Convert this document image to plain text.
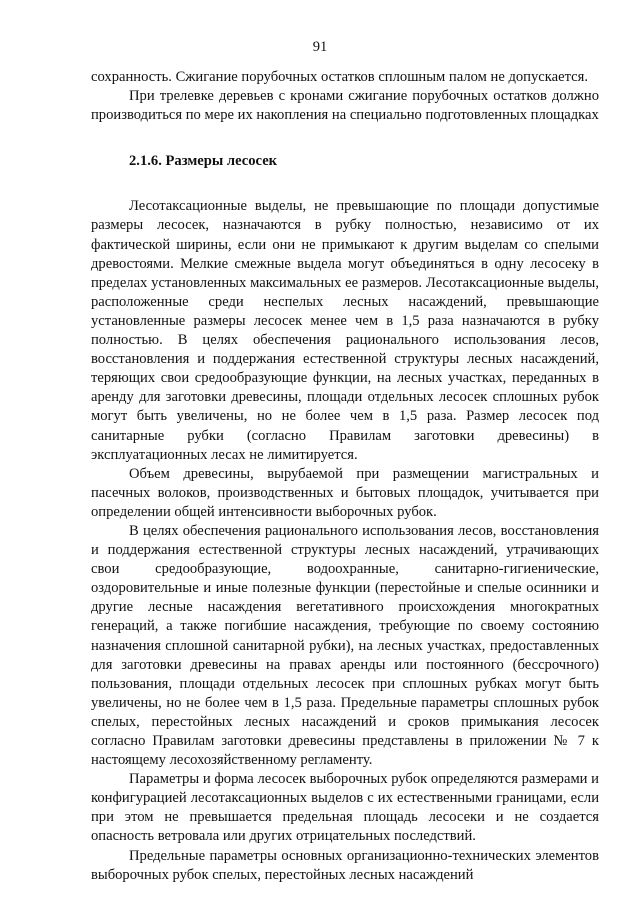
91

сохранность. Сжигание порубочных остатков сплошным палом не допускается.

При трелевке деревьев с кронами сжигание порубочных остатков должно производиться по мере их накопления на специально подготовленных площадках

2.1.6. Размеры лесосек

Лесотаксационные выделы, не превышающие по площади допустимые размеры лесосек, назначаются в рубку полностью, независимо от их фактической ширины, если они не примыкают к другим выделам со спелыми древостоями. Мелкие смежные выдела могут объединяться в одну лесосеку в пределах установленных максимальных ее размеров. Лесотаксационные выделы, расположенные среди неспелых лесных насаждений, превышающие установленные размеры лесосек менее чем в 1,5 раза назначаются в рубку полностью. В целях обеспечения рационального использования лесов, восстановления и поддержания естественной структуры лесных насаждений, теряющих свои средообразующие функции, на лесных участках, переданных в аренду для заготовки древесины, площади отдельных лесосек сплошных рубок могут быть увеличены, но не более чем в 1,5 раза. Размер лесосек под санитарные рубки (согласно Правилам заготовки древесины) в эксплуатационных лесах не лимитируется.

Объем древесины, вырубаемой при размещении магистральных и пасечных волоков, производственных и бытовых площадок, учитывается при определении общей интенсивности выборочных рубок.

В целях обеспечения рационального использования лесов, восстановления и поддержания естественной структуры лесных насаждений, утрачивающих свои средообразующие, водоохранные, санитарно-гигиенические, оздоровительные и иные полезные функции (перестойные и спелые осинники и другие лесные насаждения вегетативного происхождения многократных генераций, а также погибшие насаждения, требующие по своему состоянию назначения сплошной санитарной рубки), на лесных участках, предоставленных для заготовки древесины на правах аренды или постоянного (бессрочного) пользования, площади отдельных лесосек при сплошных рубках могут быть увеличены, но не более чем в 1,5 раза. Предельные параметры сплошных рубок спелых, перестойных лесных насаждений и сроков примыкания лесосек согласно Правилам заготовки древесины представлены в приложении № 7 к настоящему лесохозяйственному регламенту.

Параметры и форма лесосек выборочных рубок определяются размерами и конфигурацией лесотаксационных выделов с их естественными границами, если при этом не превышается предельная площадь лесосеки и не создается опасность ветровала или других отрицательных последствий.

Предельные параметры основных организационно-технических элементов выборочных рубок спелых, перестойных лесных насаждений
